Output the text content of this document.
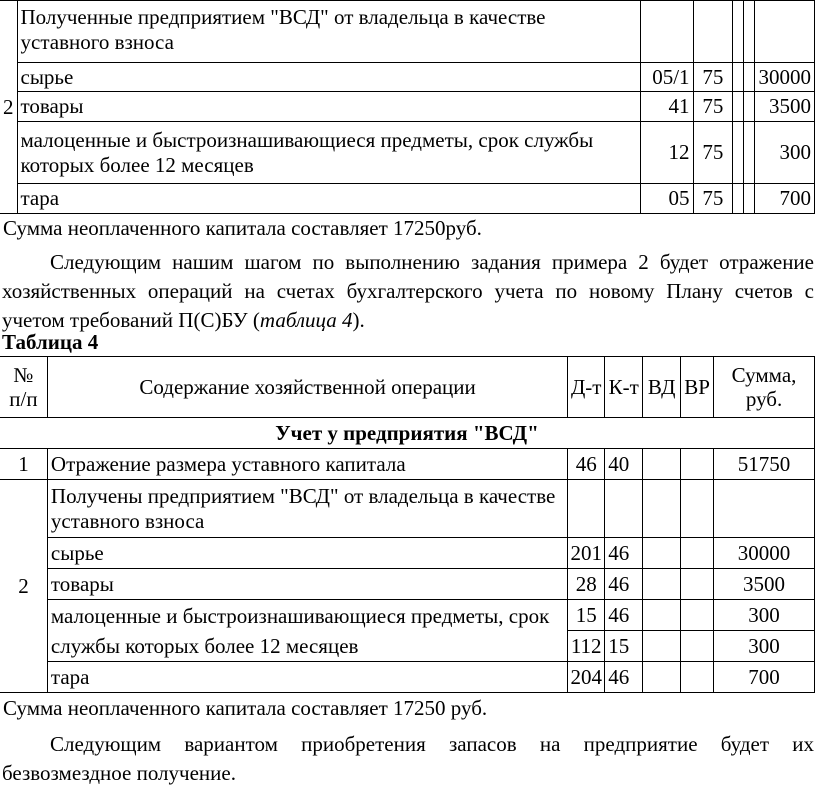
2	Полученные предприятием "ВСД" от владельца в качестве уставного взноса					
	сырье	05/1	75			30000
	товары	41	75			3500
	малоценные и быстроизнашивающиеся предметы, срок службы которых более 12 месяцев	12	75			300
	тара	05	75			700
Сумма неоплаченного капитала составляет 17250руб.						
Следующим нашим шагом по выполнению задания примера 2 будет отражение хозяйственных операций на счетах бухгалтерского учета по новому Плану счетов с учетом требований П(С)БУ (таблица 4).
Таблица 4
№ п/п	Содержание хозяйственной операции	Д-т	К-т	ВД	ВР	Сумма, руб.
Учет у предприятия "ВСД"						
1	Отражение размера уставного капитала	46	40			51750
2	Получены предприятием "ВСД" от владельца в качестве уставного взноса					
	сырье	201	46			30000
	товары	28	46			3500
	малоценные и быстроизнашивающиеся предметы, срок службы которых более 12 месяцев	15	46			300
		112	15			300
	тара	204	46			700
Сумма неоплаченного капитала составляет 17250 руб.						
Следующим вариантом приобретения запасов на предприятие будет их безвозмездное получение.
